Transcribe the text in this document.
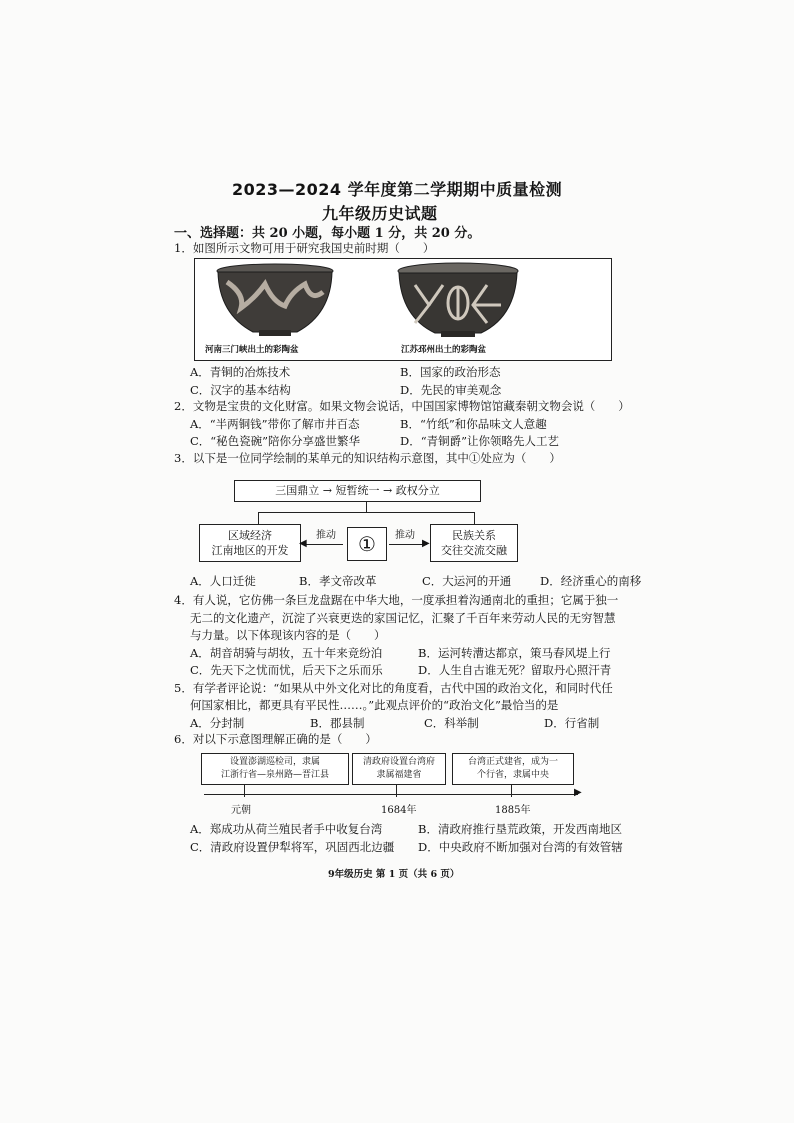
2023—2024 学年度第二学期期中质量检测
九年级历史试题
一、选择题：共 20 小题，每小题 1 分，共 20 分。
1．如图所示文物可用于研究我国史前时期（　　）
河南三门峡出土的彩陶盆	江苏邳州出土的彩陶盆
A．青铜的冶炼技术	B．国家的政治形态
C．汉字的基本结构	D．先民的审美观念
2．文物是宝贵的文化财富。如果文物会说话，中国国家博物馆馆藏秦朝文物会说（　　）
A．“半两铜钱”带你了解市井百态	B．“竹纸”和你品味文人意趣
C．“秘色瓷碗”陪你分享盛世繁华	D．“青铜爵”让你领略先人工艺
3．以下是一位同学绘制的某单元的知识结构示意图，其中①处应为（　　）
三国鼎立 → 短暂统一 → 政权分立
区域经济
江南地区的开发
推动
◀	①	推动
▶
民族关系
交往交流交融
A．人口迁徙	B．孝文帝改革	C．大运河的开通 D．经济重心的南移
4．有人说，它仿佛一条巨龙盘踞在中华大地，一度承担着沟通南北的重担；它属于独一
无二的文化遗产，沉淀了兴衰更迭的家国记忆，汇聚了千百年来劳动人民的无穷智慧
与力量。以下体现该内容的是（　　）
A．胡音胡骑与胡妆，五十年来竞纷泊	B．运河转漕达都京，策马春风堤上行
C．先天下之忧而忧，后天下之乐而乐	D．人生自古谁无死？留取丹心照汗青
5．有学者评论说：“如果从中外文化对比的角度看，古代中国的政治文化，和同时代任
何国家相比，都更具有平民性……。”此观点评价的“政治文化”最恰当的是
A．分封制	B．郡县制	C．科举制	D．行省制
6．对以下示意图理解正确的是（　　）
设置澎湖巡检司，隶属
江浙行省—泉州路—晋江县
清政府设置台湾府
隶属福建省
台湾正式建省，成为一
个行省，隶属中央
▶
元朝	1684年	1885年
A．郑成功从荷兰殖民者手中收复台湾	B．清政府推行垦荒政策，开发西南地区
C．清政府设置伊犁将军，巩固西北边疆 D．中央政府不断加强对台湾的有效管辖
9年级历史 第 1 页（共 6 页）
